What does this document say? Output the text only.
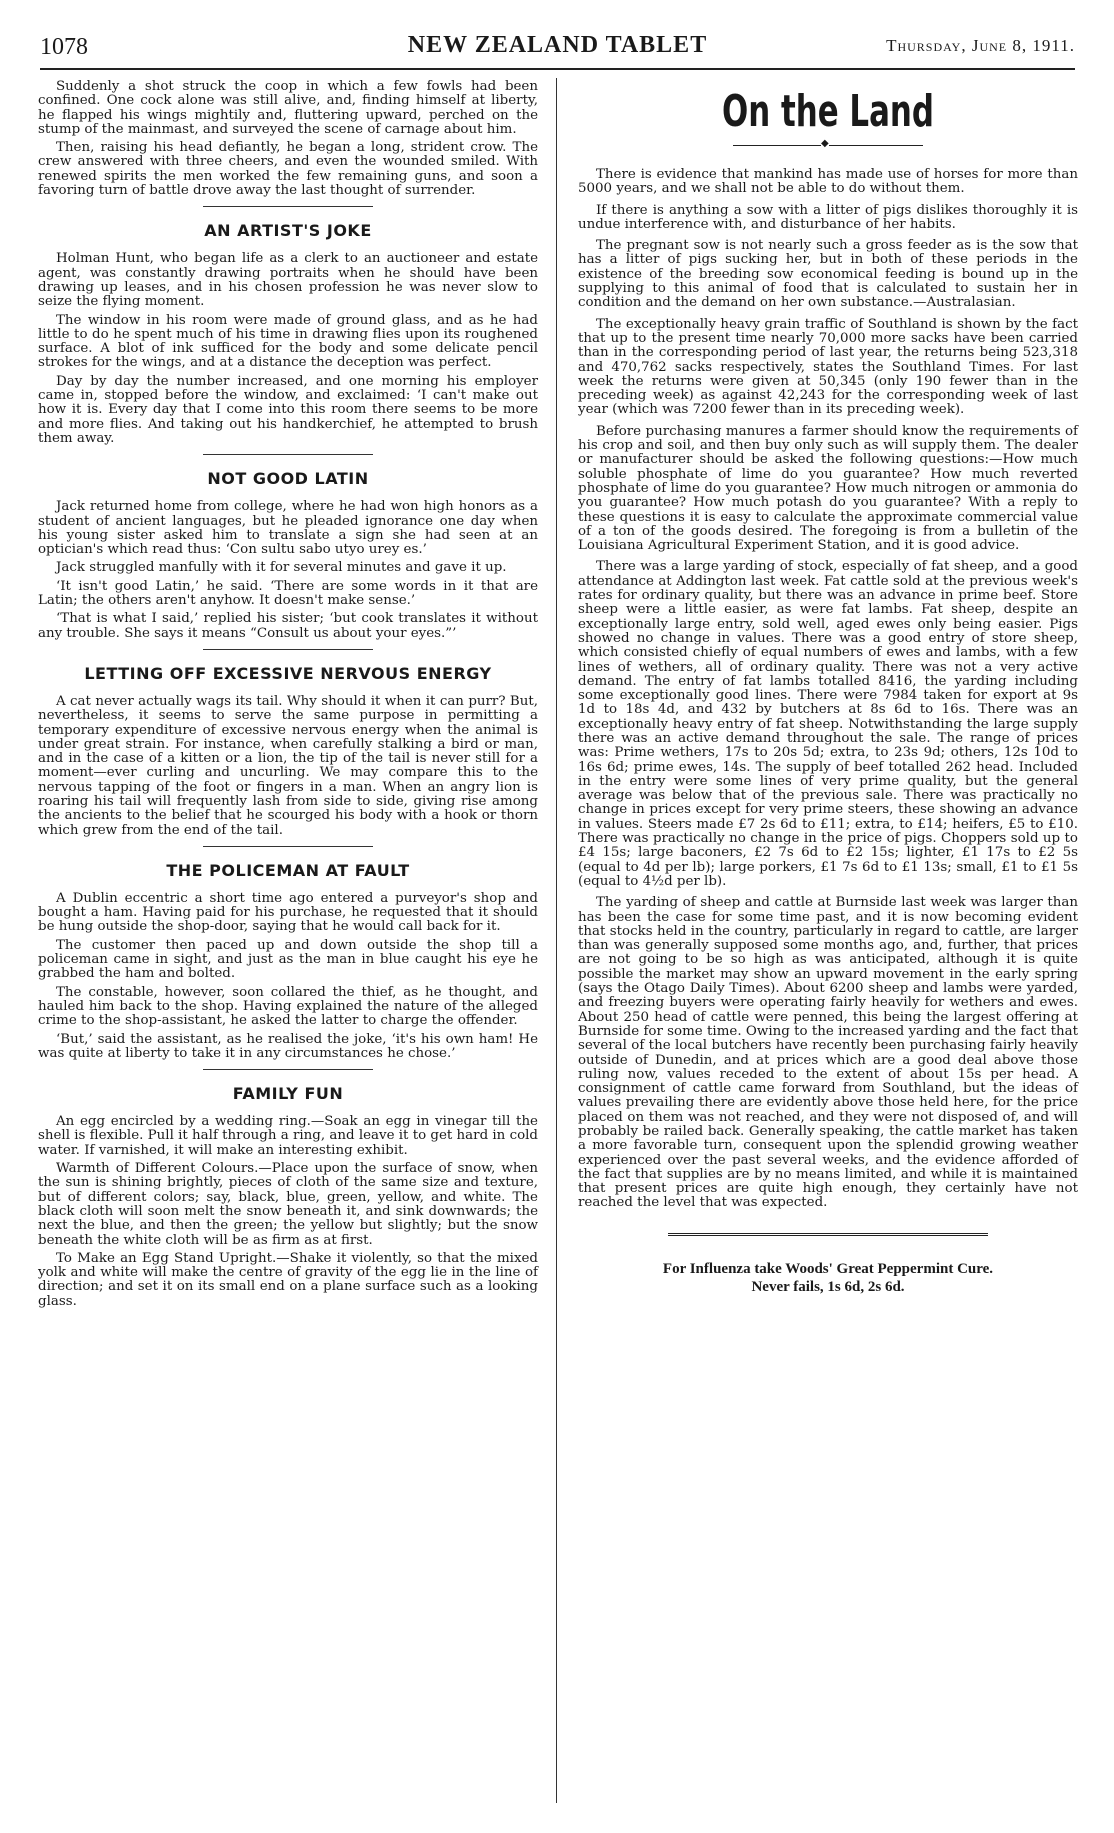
1078	NEW ZEALAND TABLET	Thursday, June 8, 1911.

Suddenly a shot struck the coop in which a few fowls had been confined. One cock alone was still alive, and, finding himself at liberty, he flapped his wings mightily and, fluttering upward, perched on the stump of the mainmast, and surveyed the scene of carnage about him.

Then, raising his head defiantly, he began a long, strident crow. The crew answered with three cheers, and even the wounded smiled. With renewed spirits the men worked the few remaining guns, and soon a favoring turn of battle drove away the last thought of surrender.

AN ARTIST'S JOKE

Holman Hunt, who began life as a clerk to an auctioneer and estate agent, was constantly drawing portraits when he should have been drawing up leases, and in his chosen profession he was never slow to seize the flying moment.

The window in his room were made of ground glass, and as he had little to do he spent much of his time in drawing flies upon its roughened surface. A blot of ink sufficed for the body and some delicate pencil strokes for the wings, and at a distance the deception was perfect.

Day by day the number increased, and one morning his employer came in, stopped before the window, and exclaimed: ‘I can't make out how it is. Every day that I come into this room there seems to be more and more flies. And taking out his handkerchief, he attempted to brush them away.

NOT GOOD LATIN

Jack returned home from college, where he had won high honors as a student of ancient languages, but he pleaded ignorance one day when his young sister asked him to translate a sign she had seen at an optician's which read thus: ‘Con sultu sabo utyo urey es.’

Jack struggled manfully with it for several minutes and gave it up.

‘It isn't good Latin,’ he said. ‘There are some words in it that are Latin; the others aren't anyhow. It doesn't make sense.’

‘That is what I said,’ replied his sister; ‘but cook translates it without any trouble. She says it means “Consult us about your eyes.”’

LETTING OFF EXCESSIVE NERVOUS ENERGY

A cat never actually wags its tail. Why should it when it can purr? But, nevertheless, it seems to serve the same purpose in permitting a temporary expenditure of excessive nervous energy when the animal is under great strain. For instance, when carefully stalking a bird or man, and in the case of a kitten or a lion, the tip of the tail is never still for a moment—ever curling and uncurling. We may compare this to the nervous tapping of the foot or fingers in a man. When an angry lion is roaring his tail will frequently lash from side to side, giving rise among the ancients to the belief that he scourged his body with a hook or thorn which grew from the end of the tail.

THE POLICEMAN AT FAULT

A Dublin eccentric a short time ago entered a purveyor's shop and bought a ham. Having paid for his purchase, he requested that it should be hung outside the shop-door, saying that he would call back for it.

The customer then paced up and down outside the shop till a policeman came in sight, and just as the man in blue caught his eye he grabbed the ham and bolted.

The constable, however, soon collared the thief, as he thought, and hauled him back to the shop. Having explained the nature of the alleged crime to the shop-assistant, he asked the latter to charge the offender.

‘But,’ said the assistant, as he realised the joke, ‘it's his own ham! He was quite at liberty to take it in any circumstances he chose.’

FAMILY FUN

An egg encircled by a wedding ring.—Soak an egg in vinegar till the shell is flexible. Pull it half through a ring, and leave it to get hard in cold water. If varnished, it will make an interesting exhibit.

Warmth of Different Colours.—Place upon the surface of snow, when the sun is shining brightly, pieces of cloth of the same size and texture, but of different colors; say, black, blue, green, yellow, and white. The black cloth will soon melt the snow beneath it, and sink downwards; the next the blue, and then the green; the yellow but slightly; but the snow beneath the white cloth will be as firm as at first.

To Make an Egg Stand Upright.—Shake it violently, so that the mixed yolk and white will make the centre of gravity of the egg lie in the line of direction; and set it on its small end on a plane surface such as a looking glass.

On the Land
◆

There is evidence that mankind has made use of horses for more than 5000 years, and we shall not be able to do without them.

If there is anything a sow with a litter of pigs dislikes thoroughly it is undue interference with, and disturbance of her habits.

The pregnant sow is not nearly such a gross feeder as is the sow that has a litter of pigs sucking her, but in both of these periods in the existence of the breeding sow economical feeding is bound up in the supplying to this animal of food that is calculated to sustain her in condition and the demand on her own substance.—Australasian.

The exceptionally heavy grain traffic of Southland is shown by the fact that up to the present time nearly 70,000 more sacks have been carried than in the corresponding period of last year, the returns being 523,318 and 470,762 sacks respectively, states the Southland Times. For last week the returns were given at 50,345 (only 190 fewer than in the preceding week) as against 42,243 for the corresponding week of last year (which was 7200 fewer than in its preceding week).

Before purchasing manures a farmer should know the requirements of his crop and soil, and then buy only such as will supply them. The dealer or manufacturer should be asked the following questions:—How much soluble phosphate of lime do you guarantee? How much reverted phosphate of lime do you guarantee? How much nitrogen or ammonia do you guarantee? How much potash do you guarantee? With a reply to these questions it is easy to calculate the approximate commercial value of a ton of the goods desired. The foregoing is from a bulletin of the Louisiana Agricultural Experiment Station, and it is good advice.

There was a large yarding of stock, especially of fat sheep, and a good attendance at Addington last week. Fat cattle sold at the previous week's rates for ordinary quality, but there was an advance in prime beef. Store sheep were a little easier, as were fat lambs. Fat sheep, despite an exceptionally large entry, sold well, aged ewes only being easier. Pigs showed no change in values. There was a good entry of store sheep, which consisted chiefly of equal numbers of ewes and lambs, with a few lines of wethers, all of ordinary quality. There was not a very active demand. The entry of fat lambs totalled 8416, the yarding including some exceptionally good lines. There were 7984 taken for export at 9s 1d to 18s 4d, and 432 by butchers at 8s 6d to 16s. There was an exceptionally heavy entry of fat sheep. Notwithstanding the large supply there was an active demand throughout the sale. The range of prices was: Prime wethers, 17s to 20s 5d; extra, to 23s 9d; others, 12s 10d to 16s 6d; prime ewes, 14s. The supply of beef totalled 262 head. Included in the entry were some lines of very prime quality, but the general average was below that of the previous sale. There was practically no change in prices except for very prime steers, these showing an advance in values. Steers made £7 2s 6d to £11; extra, to £14; heifers, £5 to £10. There was practically no change in the price of pigs. Choppers sold up to £4 15s; large baconers, £2 7s 6d to £2 15s; lighter, £1 17s to £2 5s (equal to 4d per lb); large porkers, £1 7s 6d to £1 13s; small, £1 to £1 5s (equal to 4½d per lb).

The yarding of sheep and cattle at Burnside last week was larger than has been the case for some time past, and it is now becoming evident that stocks held in the country, particularly in regard to cattle, are larger than was generally supposed some months ago, and, further, that prices are not going to be so high as was anticipated, although it is quite possible the market may show an upward movement in the early spring (says the Otago Daily Times). About 6200 sheep and lambs were yarded, and freezing buyers were operating fairly heavily for wethers and ewes. About 250 head of cattle were penned, this being the largest offering at Burnside for some time. Owing to the increased yarding and the fact that several of the local butchers have recently been purchasing fairly heavily outside of Dunedin, and at prices which are a good deal above those ruling now, values receded to the extent of about 15s per head. A consignment of cattle came forward from Southland, but the ideas of values prevailing there are evidently above those held here, for the price placed on them was not reached, and they were not disposed of, and will probably be railed back. Generally speaking, the cattle market has taken a more favorable turn, consequent upon the splendid growing weather experienced over the past several weeks, and the evidence afforded of the fact that supplies are by no means limited, and while it is maintained that present prices are quite high enough, they certainly have not reached the level that was expected.

For Influenza take Woods' Great Peppermint Cure.
Never fails, 1s 6d, 2s 6d.
